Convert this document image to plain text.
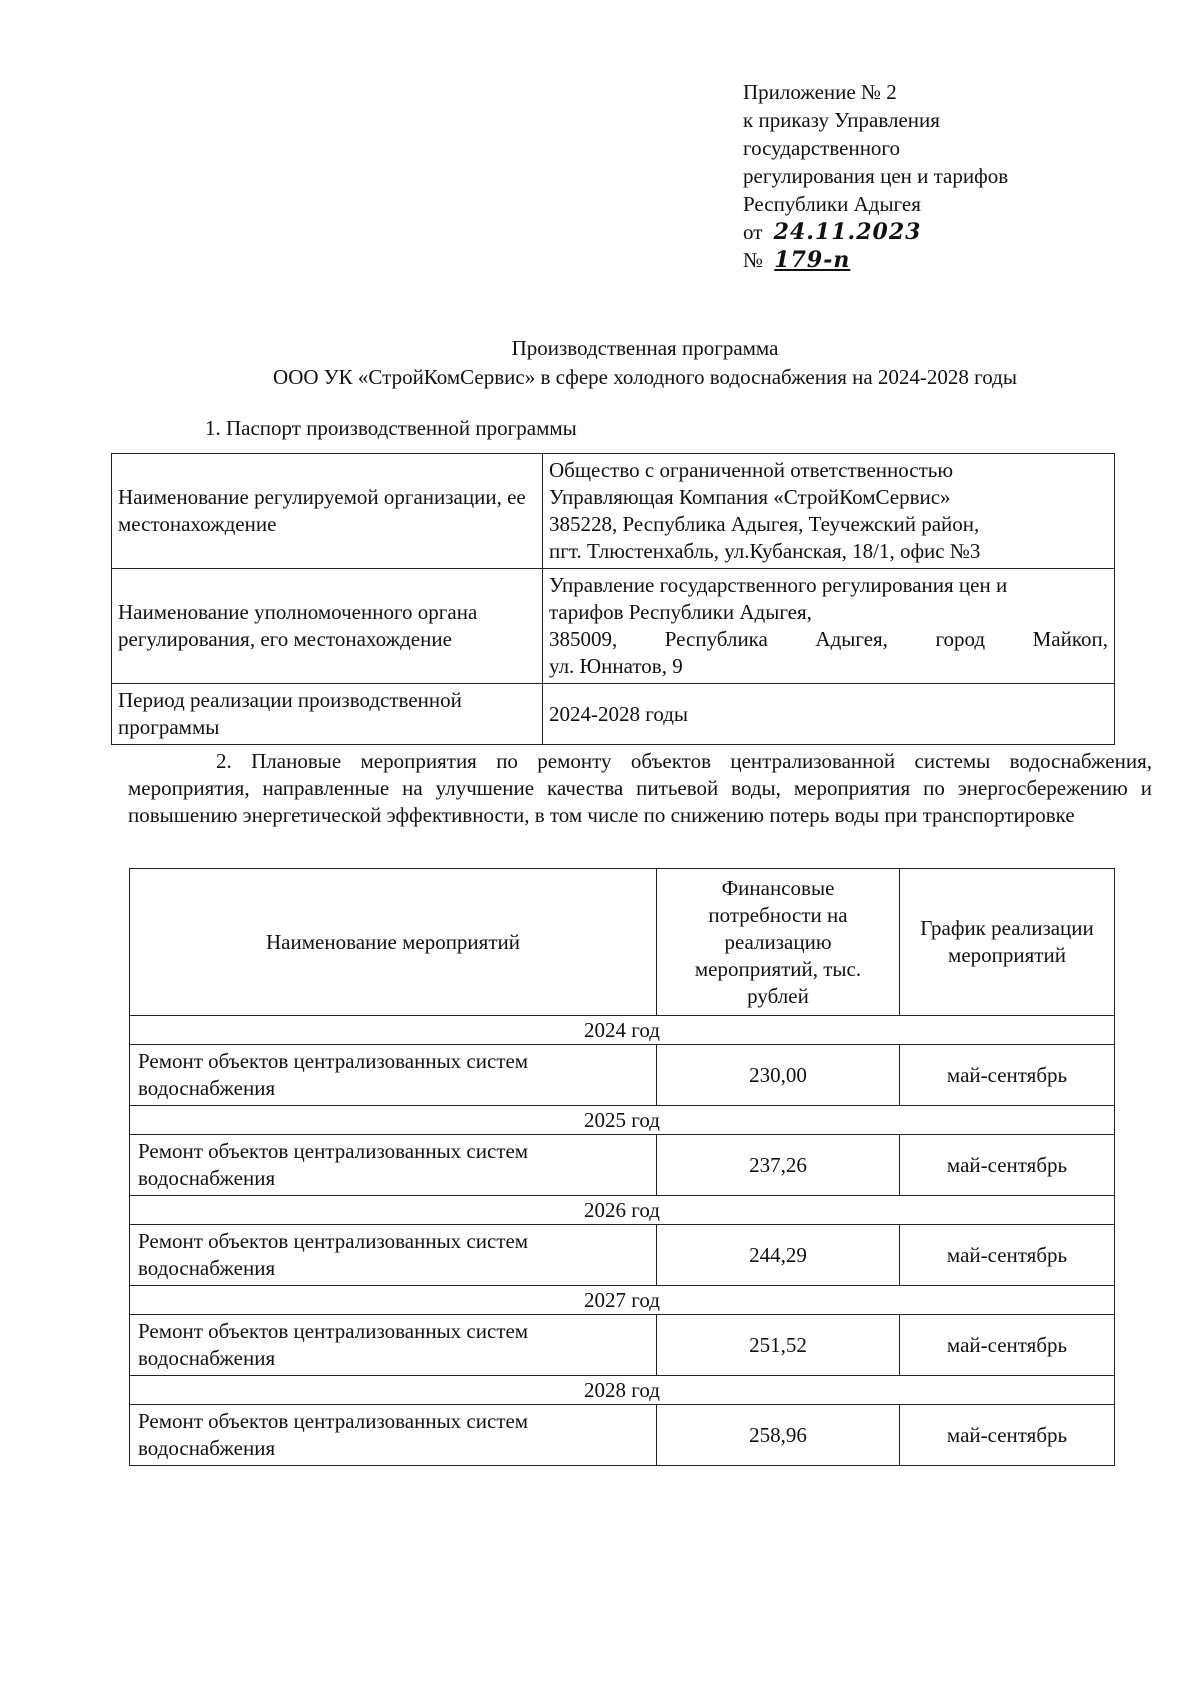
Приложение № 2
к приказу Управления
государственного
регулирования цен и тарифов
Республики Адыгея
от 24.11.2023
№ 179-п
Производственная программа
ООО УК «СтройКомСервис» в сфере холодного водоснабжения на 2024-2028 годы
1. Паспорт производственной программы
Наименование регулируемой организации, ее местонахождение	Общество с ограниченной ответственностью
Управляющая Компания «СтройКомСервис»
385228, Республика Адыгея, Теучежский район,
пгт. Тлюстенхабль, ул.Кубанская, 18/1, офис №3

Наименование уполномоченного органа регулирования, его местонахождение	Управление государственного регулирования цен и
тарифов Республики Адыгея,
385009, Республика Адыгея, город Майкоп,
ул. Юннатов, 9

Период реализации производственной программы	2024-2028 годы
2. Плановые мероприятия по ремонту объектов централизованной системы водоснабжения, мероприятия, направленные на улучшение качества питьевой воды, мероприятия по энергосбережению и повышению энергетической эффективности, в том числе по снижению потерь воды при транспортировке
Наименование мероприятий	Финансовые потребности на реализацию мероприятий, тыс. рублей	График реализации мероприятий
2024 год		
Ремонт объектов централизованных систем водоснабжения	230,00	май-сентябрь
2025 год		
Ремонт объектов централизованных систем водоснабжения	237,26	май-сентябрь
2026 год		
Ремонт объектов централизованных систем водоснабжения	244,29	май-сентябрь
2027 год		
Ремонт объектов централизованных систем водоснабжения	251,52	май-сентябрь
2028 год		
Ремонт объектов централизованных систем водоснабжения	258,96	май-сентябрь
